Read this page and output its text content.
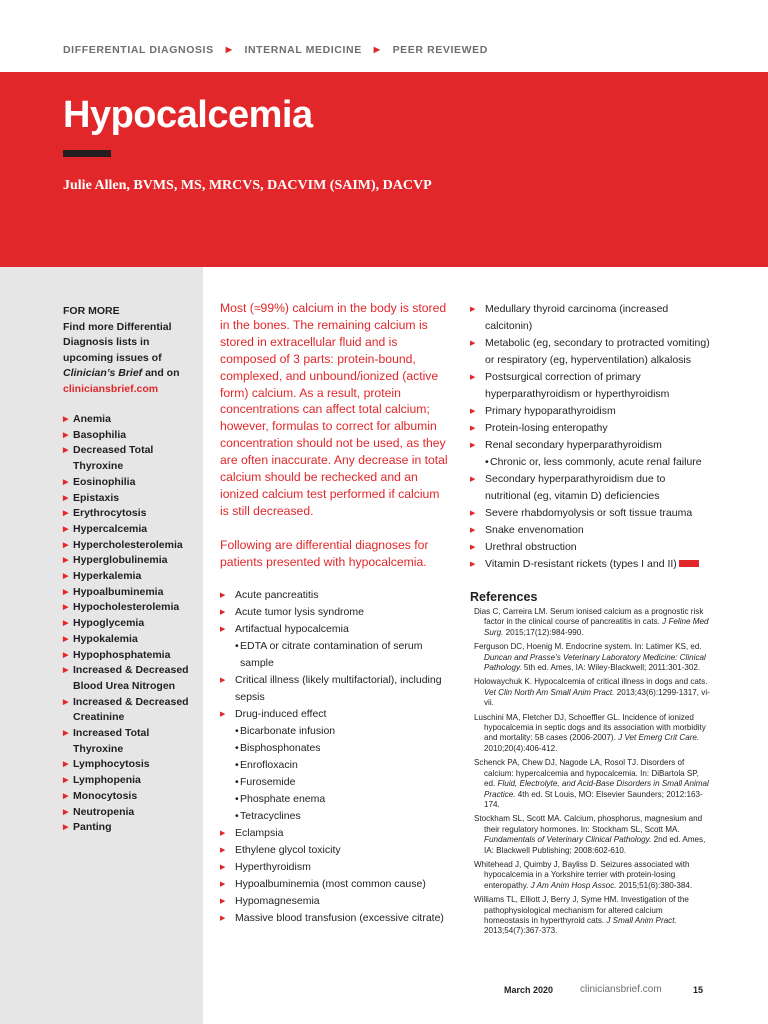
DIFFERENTIAL DIAGNOSIS ▶ INTERNAL MEDICINE ▶ PEER REVIEWED
Hypocalcemia
Julie Allen, BVMS, MS, MRCVS, DACVIM (SAIM), DACVP
FOR MORE
Find more Differential Diagnosis lists in upcoming issues of Clinician’s Brief and on cliniciansbrief.com
▶ Anemia
▶ Basophilia
▶ Decreased Total Thyroxine
▶ Eosinophilia
▶ Epistaxis
▶ Erythrocytosis
▶ Hypercalcemia
▶ Hypercholesterolemia
▶ Hyperglobulinemia
▶ Hyperkalemia
▶ Hypoalbuminemia
▶ Hypocholesterolemia
▶ Hypoglycemia
▶ Hypokalemia
▶ Hypophosphatemia
▶ Increased & Decreased Blood Urea Nitrogen
▶ Increased & Decreased Creatinine
▶ Increased Total Thyroxine
▶ Lymphocytosis
▶ Lymphopenia
▶ Monocytosis
▶ Neutropenia
▶ Panting

Most (≈99%) calcium in the body is stored in the bones. The remaining calcium is stored in extracellular fluid and is composed of 3 parts: protein-bound, complexed, and unbound/ionized (active form) calcium. As a result, protein concentrations can affect total calcium; however, formulas to correct for albumin concentration should not be used, as they are often inaccurate. Any decrease in total calcium should be rechecked and an ionized calcium test performed if calcium is still decreased.

Following are differential diagnoses for patients presented with hypocalcemia.

▶ Acute pancreatitis
▶ Acute tumor lysis syndrome
▶ Artifactual hypocalcemia
• EDTA or citrate contamination of serum sample
▶ Critical illness (likely multifactorial), including sepsis
▶ Drug-induced effect
• Bicarbonate infusion
• Bisphosphonates
• Enrofloxacin
• Furosemide
• Phosphate enema
• Tetracyclines
▶ Eclampsia
▶ Ethylene glycol toxicity
▶ Hyperthyroidism
▶ Hypoalbuminemia (most common cause)
▶ Hypomagnesemia
▶ Massive blood transfusion (excessive citrate)
▶ Medullary thyroid carcinoma (increased calcitonin)
▶ Metabolic (eg, secondary to protracted vomiting) or respiratory (eg, hyperventilation) alkalosis
▶ Postsurgical correction of primary hyperparathyroidism or hyperthyroidism
▶ Primary hypoparathyroidism
▶ Protein-losing enteropathy
▶ Renal secondary hyperparathyroidism
• Chronic or, less commonly, acute renal failure
▶ Secondary hyperparathyroidism due to nutritional (eg, vitamin D) deficiencies
▶ Severe rhabdomyolysis or soft tissue trauma
▶ Snake envenomation
▶ Urethral obstruction
▶ Vitamin D-resistant rickets (types I and II)
References
Dias C, Carreira LM. Serum ionised calcium as a prognostic risk factor in the clinical course of pancreatitis in cats. J Feline Med Surg. 2015;17(12):984-990.
Ferguson DC, Hoenig M. Endocrine system. In: Latimer KS, ed. Duncan and Prasse’s Veterinary Laboratory Medicine: Clinical Pathology. 5th ed. Ames, IA: Wiley-Blackwell; 2011:301-302.
Holowaychuk K. Hypocalcemia of critical illness in dogs and cats. Vet Clin North Am Small Anim Pract. 2013;43(6):1299-1317, vi-vii.
Luschini MA, Fletcher DJ, Schoeffler GL. Incidence of ionized hypocalcemia in septic dogs and its association with morbidity and mortality: 58 cases (2006-2007). J Vet Emerg Crit Care. 2010;20(4):406-412.
Schenck PA, Chew DJ, Nagode LA, Rosol TJ. Disorders of calcium: hypercalcemia and hypocalcemia. In: DiBartola SP, ed. Fluid, Electrolyte, and Acid-Base Disorders in Small Animal Practice. 4th ed. St Louis, MO: Elsevier Saunders; 2012:163-174.
Stockham SL, Scott MA. Calcium, phosphorus, magnesium and their regulatory hormones. In: Stockham SL, Scott MA. Fundamentals of Veterinary Clinical Pathology. 2nd ed. Ames, IA: Blackwell Publishing; 2008:602-610.
Whitehead J, Quimby J, Bayliss D. Seizures associated with hypocalcemia in a Yorkshire terrier with protein-losing enteropathy. J Am Anim Hosp Assoc. 2015;51(6):380-384.
Williams TL, Elliott J, Berry J, Syme HM. Investigation of the pathophysiological mechanism for altered calcium homeostasis in hyperthyroid cats. J Small Anim Pract. 2013;54(7):367-373.
March 2020	cliniciansbrief.com	15
